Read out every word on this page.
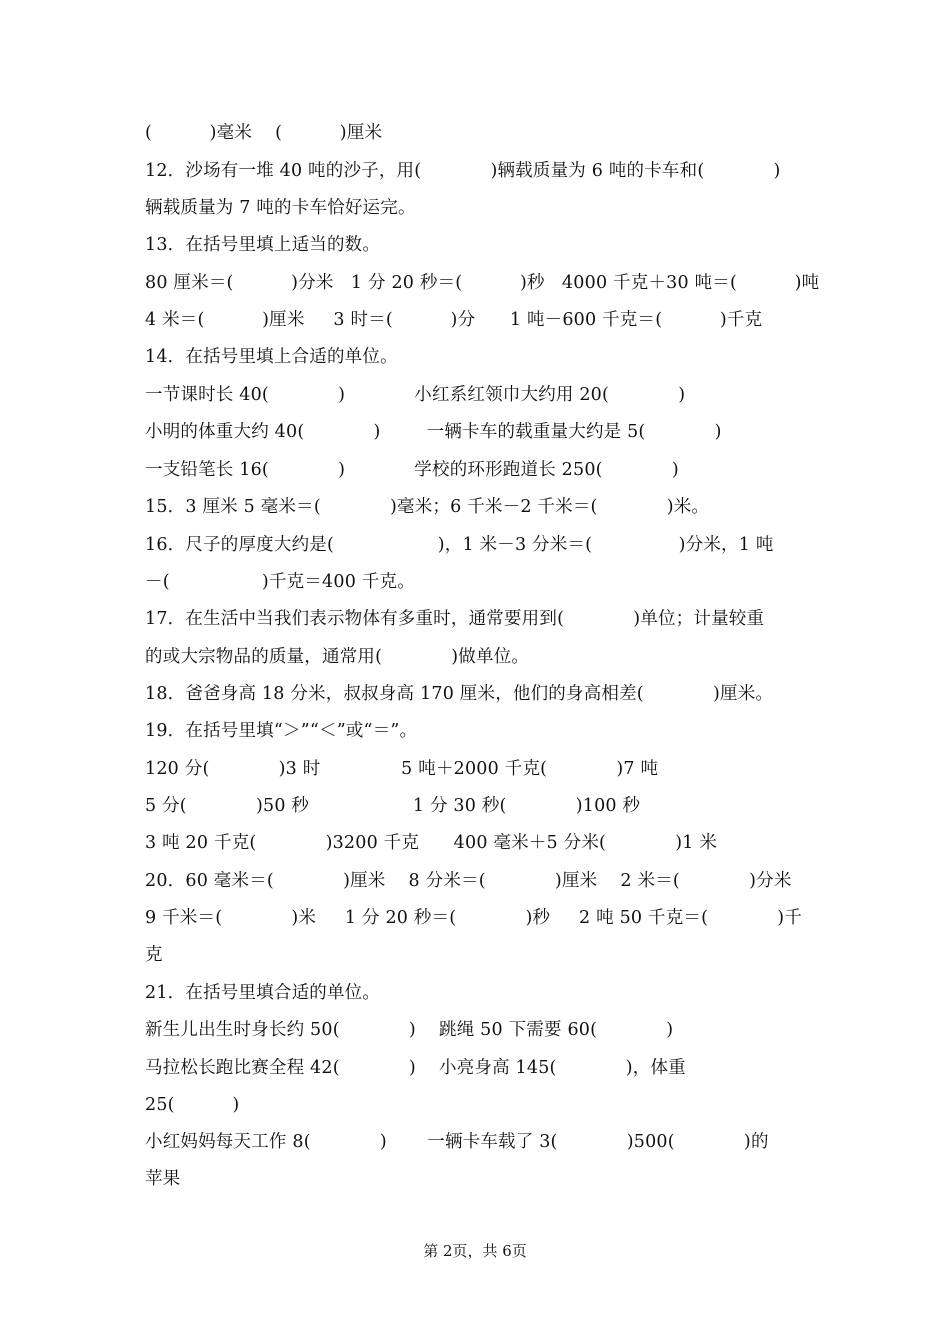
(          )毫米    (          )厘米
12．沙场有一堆 40 吨的沙子，用(            )辆载质量为 6 吨的卡车和(            )
辆载质量为 7 吨的卡车恰好运完。
13．在括号里填上适当的数。
80 厘米＝(          )分米   1 分 20 秒＝(          )秒   4000 千克＋30 吨＝(          )吨
4 米＝(          )厘米     3 时＝(          )分      1 吨－600 千克＝(          )千克
14．在括号里填上合适的单位。
一节课时长 40(            )            小红系红领巾大约用 20(            )
小明的体重大约 40(            )        一辆卡车的载重量大约是 5(            )
一支铅笔长 16(            )            学校的环形跑道长 250(            )
15．3 厘米 5 毫米＝(            )毫米；6 千米－2 千米＝(            )米。
16．尺子的厚度大约是(                  )，1 米－3 分米＝(               )分米，1 吨
－(                )千克＝400 千克。
17．在生活中当我们表示物体有多重时，通常要用到(            )单位；计量较重
的或大宗物品的质量，通常用(            )做单位。
18．爸爸身高 18 分米，叔叔身高 170 厘米，他们的身高相差(            )厘米。
19．在括号里填“＞”“＜”或“＝”。
120 分(            )3 时              5 吨＋2000 千克(            )7 吨
5 分(            )50 秒                  1 分 30 秒(            )100 秒
3 吨 20 千克(            )3200 千克      400 毫米＋5 分米(            )1 米
20．60 毫米＝(            )厘米    8 分米＝(            )厘米    2 米＝(            )分米
9 千米＝(            )米     1 分 20 秒＝(            )秒     2 吨 50 千克＝(            )千
克
21．在括号里填合适的单位。
新生儿出生时身长约 50(            )    跳绳 50 下需要 60(            )
马拉松长跑比赛全程 42(            )    小亮身高 145(            )，体重
25(          )
小红妈妈每天工作 8(            )       一辆卡车载了 3(            )500(            )的
苹果
第 2页，共 6页
